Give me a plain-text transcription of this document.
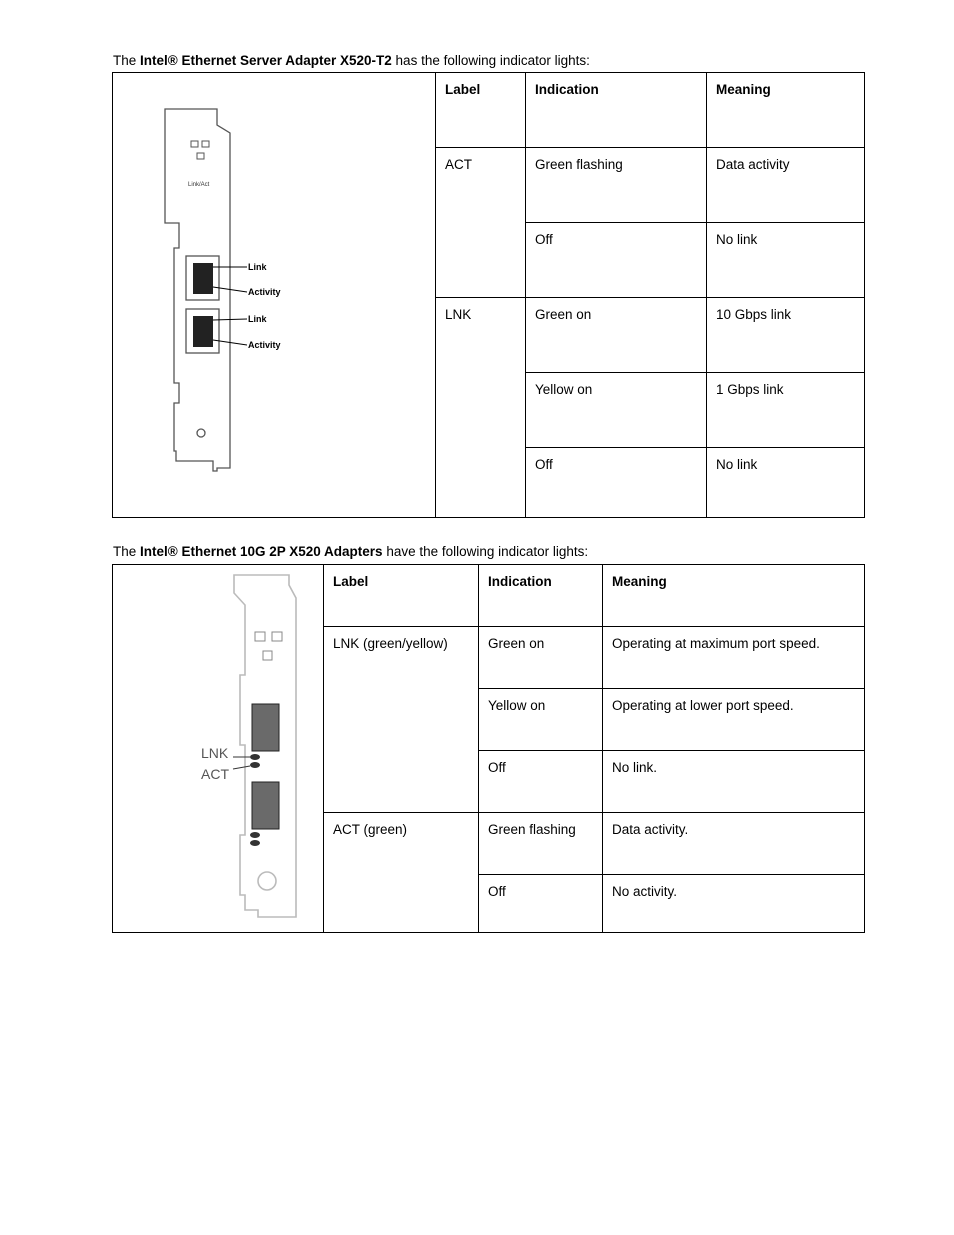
The Intel® Ethernet Server Adapter X520-T2 has the following indicator lights:
Link/Act
Link
Activity
Link
Activity	Label	Indication	Meaning

	ACT	Green flashing	Data activity

		Off	No link

	LNK	Green on	10 Gbps link

		Yellow on	1 Gbps link

		Off	No link
The Intel® Ethernet 10G 2P X520 Adapters have the following indicator lights:
LNK
ACT	Label	Indication	Meaning

	LNK (green/yellow)	Green on	Operating at maximum port speed.

		Yellow on	Operating at lower port speed.

		Off	No link.

	ACT (green)	Green flashing	Data activity.

		Off	No activity.
